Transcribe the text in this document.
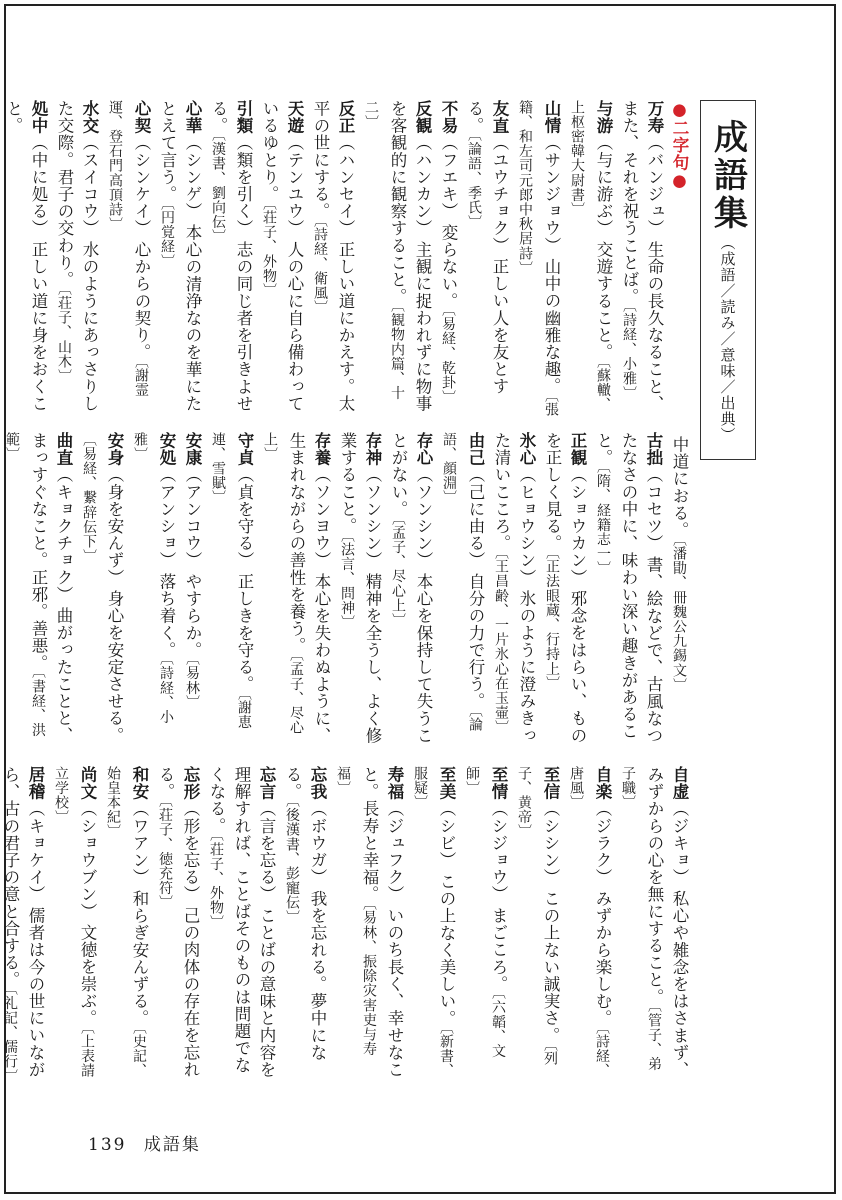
成語集
（成語／読み／意味／出典）
●二字句●
万寿（バンジュ）生命の長久なること、また、それを祝うことば。〔 詩経、小雅 〕
与游（与に游ぶ）交遊すること。〔 蘇轍、上枢密韓大尉書 〕
山情（サンジョウ）山中の幽雅な趣。〔 張籍、和左司元郎中秋居詩 〕
友直（ユウチョク）正しい人を友とする。〔 論語、季氏 〕
不易（フエキ）変らない。〔 易経、乾卦 〕
反観（ハンカン）主観に捉われずに物事を客観的に観察すること。〔 観物内篇、十二 〕
反正（ハンセイ）正しい道にかえす。太平の世にする。〔 詩経、衛風 〕
天遊（テンユウ）人の心に自ら備わっているゆとり。〔 荘子、外物 〕
引類（類を引く）志の同じ者を引きよせる。〔 漢書、劉向伝 〕
心華（シンゲ）本心の清浄なのを華にたとえて言う。〔 円覚経 〕
心契（シンケイ）心からの契り。〔 謝霊運、登石門高頂詩 〕
水交（スイコウ）水のようにあっさりした交際。君子の交わり。〔 荘子、山木 〕
処中（中に処る）正しい道に身をおくこと。
中道におる。〔 潘勖、冊魏公九錫文 〕
古拙（コセツ）書、絵などで、古風なつたなさの中に、味わい深い趣きがあること。〔 隋、経籍志一 〕
正観（ショウカン）邪念をはらい、ものを正しく見る。〔 正法眼蔵、行持上 〕
氷心（ヒョウシン）氷のように澄みきった清いこころ。〔 王昌齢、一片氷心在玉壷 〕
由己（己に由る）自分の力で行う。〔 論語、顔淵 〕
存心（ソンシン）本心を保持して失うことがない。〔 孟子、尽心上 〕
存神（ソンシン）精神を全うし、よく修業すること。〔 法言、問神 〕
存養（ソンヨウ）本心を失わぬように、生まれながらの善性を養う。〔 孟子、尽心上 〕
守貞（貞を守る）正しきを守る。〔 謝恵連、雪賦 〕
安康（アンコウ）やすらか。〔 易林 〕
安処（アンショ）落ち着く。〔 詩経、小雅 〕
安身（身を安んず）身心を安定させる。〔 易経、繋辞伝下 〕
曲直（キョクチョク）曲がったことと、まっすぐなこと。正邪。善悪。〔 書経、洪範 〕
自虚（ジキョ）私心や雑念をはさまず、みずからの心を無にすること。〔 管子、弟子職 〕
自楽（ジラク）みずから楽しむ。〔 詩経、唐風 〕
至信（シシン）この上ない誠実さ。〔 列子、黄帝 〕
至情（シジョウ）まごころ。〔 六韜、文師 〕
至美（シビ）この上なく美しい。〔 新書、服疑 〕
寿福（ジュフク）いのち長く、幸せなこと。長寿と幸福。〔 易林、振除灾害吏与寿福 〕
忘我（ボウガ）我を忘れる。夢中になる。〔 後漢書、彭寵伝 〕
忘言（言を忘る）ことばの意味と内容を理解すれば、ことばそのものは問題でなくなる。〔 荘子、外物 〕
忘形（形を忘る）己の肉体の存在を忘れる。〔 荘子、徳充符 〕
和安（ワアン）和らぎ安んずる。〔 史記、始皇本紀 〕
尚文（ショウブン）文徳を崇ぶ。〔 上表請立学校 〕
居稽（キョケイ）儒者は今の世にいながら、古の君子の意と合する。〔 礼記、儒行 〕
139 成語集
